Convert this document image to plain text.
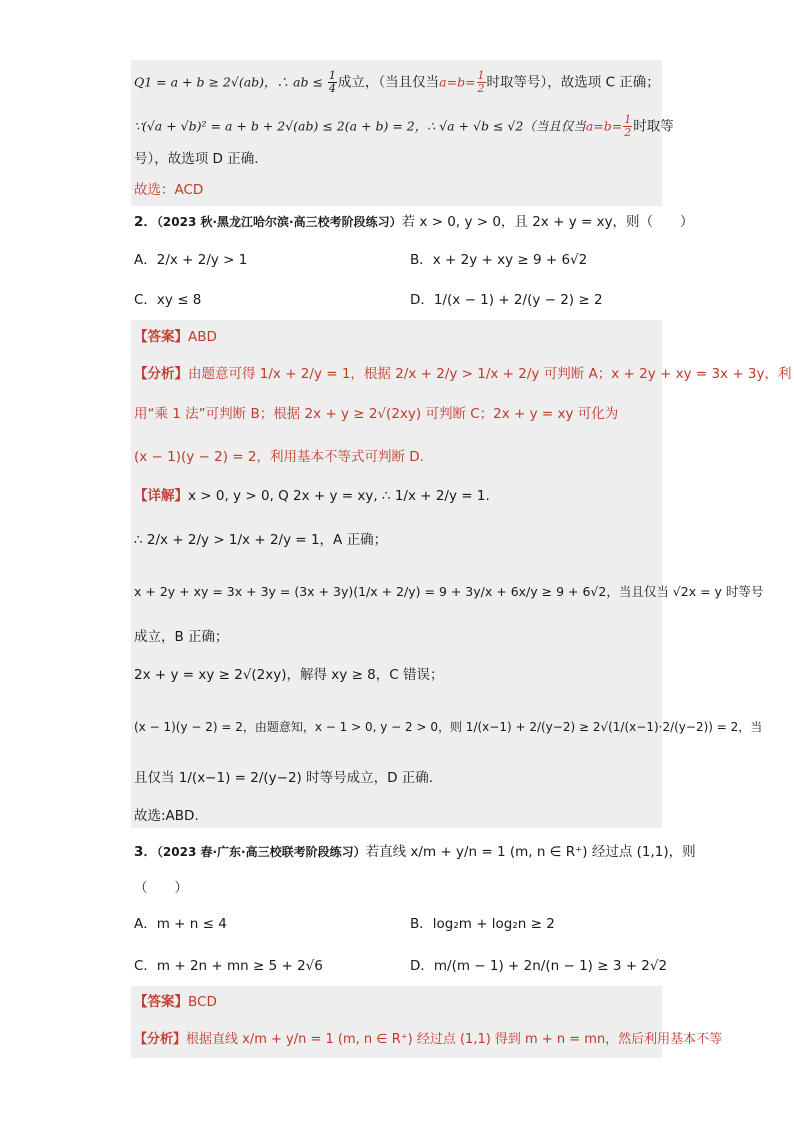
Q1 = a + b ≥ 2√(ab)，∴ ab ≤ $\frac{1}{4}$ 成立，（当且仅当$a=b= \frac{1}{2}$ 时取等号），故选项 C 正确；
∵(√a + √b)² = a + b + 2√(ab) ≤ 2(a + b) = 2，∴ √a + √b ≤ √2（当且仅当$a=b= \frac{1}{2}$ 时取等
号），故选项 D 正确.
故选：ACD
2．（2023 秋·黑龙江哈尔滨·高三校考阶段练习）若 x > 0, y > 0，且 2x + y = xy，则（　　）
A．2/x + 2/y > 1	B．x + 2y + xy ≥ 9 + 6√2
C．xy ≤ 8	D．1/(x − 1) + 2/(y − 2) ≥ 2
【答案】ABD
【分析】由题意可得 1/x + 2/y = 1，根据 2/x + 2/y > 1/x + 2/y 可判断 A；x + 2y + xy = 3x + 3y，利
用“乘 1 法”可判断 B；根据 2x + y ≥ 2√(2xy) 可判断 C；2x + y = xy 可化为
(x − 1)(y − 2) = 2，利用基本不等式可判断 D.
【详解】x > 0, y > 0, Q 2x + y = xy, ∴ 1/x + 2/y = 1.
∴ 2/x + 2/y > 1/x + 2/y = 1，A 正确；
x + 2y + xy = 3x + 3y = (3x + 3y)(1/x + 2/y) = 9 + 3y/x + 6x/y ≥ 9 + 6√2，当且仅当 √2x = y 时等号
成立，B 正确；
2x + y = xy ≥ 2√(2xy)，解得 xy ≥ 8，C 错误；
(x − 1)(y − 2) = 2，由题意知，x − 1 > 0, y − 2 > 0，则 1/(x−1) + 2/(y−2) ≥ 2√(1/(x−1)·2/(y−2)) = 2，当
且仅当 1/(x−1) = 2/(y−2) 时等号成立，D 正确.
故选:ABD.
3．（2023 春·广东·高三校联考阶段练习）若直线 x/m + y/n = 1 (m, n ∈ R⁺) 经过点 (1,1)，则
（　　）
A．m + n ≤ 4	B．log₂m + log₂n ≥ 2
C．m + 2n + mn ≥ 5 + 2√6	D．m/(m − 1) + 2n/(n − 1) ≥ 3 + 2√2
【答案】BCD
【分析】根据直线 x/m + y/n = 1 (m, n ∈ R⁺) 经过点 (1,1) 得到 m + n = mn，然后利用基本不等
